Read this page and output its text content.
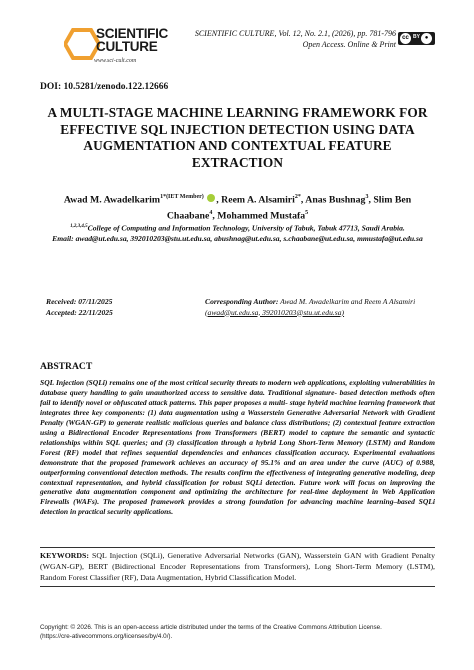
SCIENTIFIC
CULTURE
www.sci-cult.com
SCIENTIFIC CULTURE, Vol. 12, No. 2.1, (2026), pp. 781-796
Open Access. Online & Print
cc BY ●
DOI: 10.5281/zenodo.122.12666
A MULTI-STAGE MACHINE LEARNING FRAMEWORK FOR EFFECTIVE SQL INJECTION DETECTION USING DATA AUGMENTATION AND CONTEXTUAL FEATURE EXTRACTION
Awad M. Awadelkarim$^{1*(IET Member)}$ , Reem A. Alsamiri$^{2*}$, Anas Bushnag$^3$, Slim Ben Chaabane$^4$, Mohammed Mustafa$^5$
$^{1,2,3,4,5}$College of Computing and Information Technology, University of Tabuk, Tabuk 47713, Saudi Arabia.
Email: awad@ut.edu.sa, 392010203@stu.ut.edu.sa, abushnag@ut.edu.sa, s.chaabane@ut.edu.sa, mmustafa@ut.edu.sa
Received: 07/11/2025
Accepted: 22/11/2025
Corresponding Author: Awad M. Awadelkarim and Reem A Alsamiri
(awad@ut.edu.sa, 392010203@stu.ut.edu.sa)
ABSTRACT
SQL Injection (SQLi) remains one of the most critical security threats to modern web applications, exploiting vulnerabilities in database query handling to gain unauthorized access to sensitive data. Traditional signature- based detection methods often fail to identify novel or obfuscated attack patterns. This paper proposes a multi- stage hybrid machine learning framework that integrates three key components: (1) data augmentation using a Wasserstein Generative Adversarial Network with Gradient Penalty (WGAN-GP) to generate realistic malicious queries and balance class distributions; (2) contextual feature extraction using a Bidirectional Encoder Representations from Transformers (BERT) model to capture the semantic and syntactic relationships within SQL queries; and (3) classification through a hybrid Long Short-Term Memory (LSTM) and Random Forest (RF) model that refines sequential dependencies and enhances classification accuracy. Experimental evaluations demonstrate that the proposed framework achieves an accuracy of 95.1% and an area under the curve (AUC) of 0.988, outperforming conventional detection methods. The results confirm the effectiveness of integrating generative modeling, deep contextual representation, and hybrid classification for robust SQLi detection. Future work will focus on improving the generative data augmentation component and optimizing the architecture for real-time deployment in Web Application Firewalls (WAFs). The proposed framework provides a strong foundation for advancing machine learning–based SQLi detection in practical security applications.
KEYWORDS: SQL Injection (SQLi), Generative Adversarial Networks (GAN), Wasserstein GAN with Gradient Penalty (WGAN-GP), BERT (Bidirectional Encoder Representations from Transformers), Long Short-Term Memory (LSTM), Random Forest Classifier (RF), Data Augmentation, Hybrid Classification Model.
Copyright: © 2026. This is an open-access article distributed under the terms of the Creative Commons Attribution License.
(https://cre-ativecommons.org/licenses/by/4.0/).
